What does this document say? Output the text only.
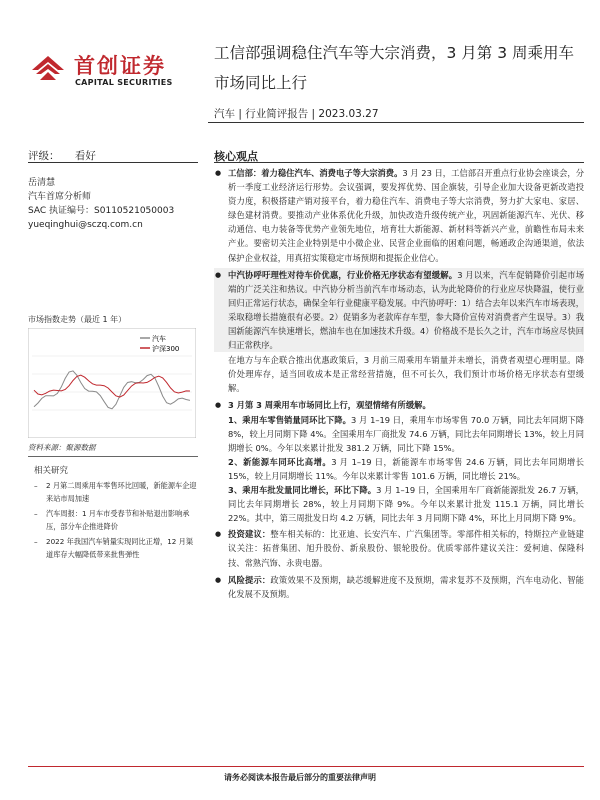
首创证券
CAPITAL SECURITIES
工信部强调稳住汽车等大宗消费，3 月第 3 周乘用车市场同比上行
汽车 | 行业简评报告 | 2023.03.27
评级： 看好	核心观点
岳清慧
汽车首席分析师
SAC 执证编号：S0110521050003
yueqinghui@sczq.com.cn
市场指数走势（最近 1 年）
汽车
沪深300
资料来源：聚源数据
相关研究
– 2 月第二周乘用车零售环比回暖，新能源车企迎来站市局加速
– 汽车周报：1 月车市受春节和补贴退出影响承压，部分车企推进降价
– 2022 年我国汽车销量实现同比正增，12 月渠道库存大幅降低带来批售弹性
● 工信部：着力稳住汽车、消费电子等大宗消费。3 月 23 日，工信部召开重点行业协会座谈会，分析一季度工业经济运行形势。会议强调，要发挥优势、国企旗装，引导企业加大设备更新改造投资力度，积极搭建产销对接平台，着力稳住汽车、消费电子等大宗消费，努力扩大家电、家居、绿色建材消费。要推动产业体系优化升级，加快改造升级传统产业，巩固新能源汽车、光伏、移动通信、电力装备等优势产业领先地位，培育壮大新能源、新材料等新兴产业，前瞻性布局未来产业。要密切关注企业特别是中小微企业、民营企业面临的困难问题，畅通政企沟通渠道，依法保护企业权益，用真招实策稳定市场预期和提振企业信心。
● 中汽协呼吁理性对待车价优惠，行业价格无序状态有望缓解。3 月以来，汽车促销降价引起市场端的广泛关注和热议。中汽协分析当前汽车市场动态，认为此轮降价的行业应尽快降温，使行业回归正常运行状态，确保全年行业健康平稳发展。中汽协呼吁：1）结合去年以来汽车市场表现，采取稳增长措施很有必要。2）促销多为老款库存车型，参大降价宣传对消费者产生误导。3）我国新能源汽车快速增长，燃油车也在加速技术升级。4）价格战不是长久之计，汽车市场应尽快回归正常秩序。
在地方与车企联合推出优惠政策后，3 月前三周乘用车销量并未增长，消费者观望心理明显。降价处理库存，适当回收成本是正常经营措施，但不可长久，我们预计市场价格无序状态有望缓解。
● 3 月第 3 周乘用车市场同比上行，观望情绪有所缓解。
1、乘用车零售销量同环比下降。3 月 1–19 日，乘用车市场零售 70.0 万辆，同比去年同期下降 8%，较上月同期下降 4%。全国乘用车厂商批发 74.6 万辆，同比去年同期增长 13%，较上月同期增长 0%。今年以来累计批发 381.2 万辆，同比下降 15%。
2、新能源车同环比高增。3 月 1–19 日，新能源车市场零售 24.6 万辆，同比去年同期增长 15%，较上月同期增长 11%。今年以来累计零售 101.6 万辆，同比增长 21%。
3、乘用车批发量同比增长，环比下降。3 月 1–19 日，全国乘用车厂商新能源批发 26.7 万辆，同比去年同期增长 28%，较上月同期下降 9%。今年以来累计批发 115.1 万辆，同比增长 22%。其中，第三周批发日均 4.2 万辆，同比去年 3 月同期下降 4%，环比上月同期下降 9%。
● 投资建议：整车相关标的：比亚迪、长安汽车、广汽集团等。零部件相关标的，特斯拉产业链建议关注：拓普集团、旭升股份、新泉股份、银轮股份。优质零部件建议关注：爱柯迪、保隆科技、常熟汽饰、永贵电器。
● 风险提示：政策效果不及预期，缺芯缓解进度不及预期，需求复苏不及预期，汽车电动化、智能化发展不及预期。
请务必阅读本报告最后部分的重要法律声明
